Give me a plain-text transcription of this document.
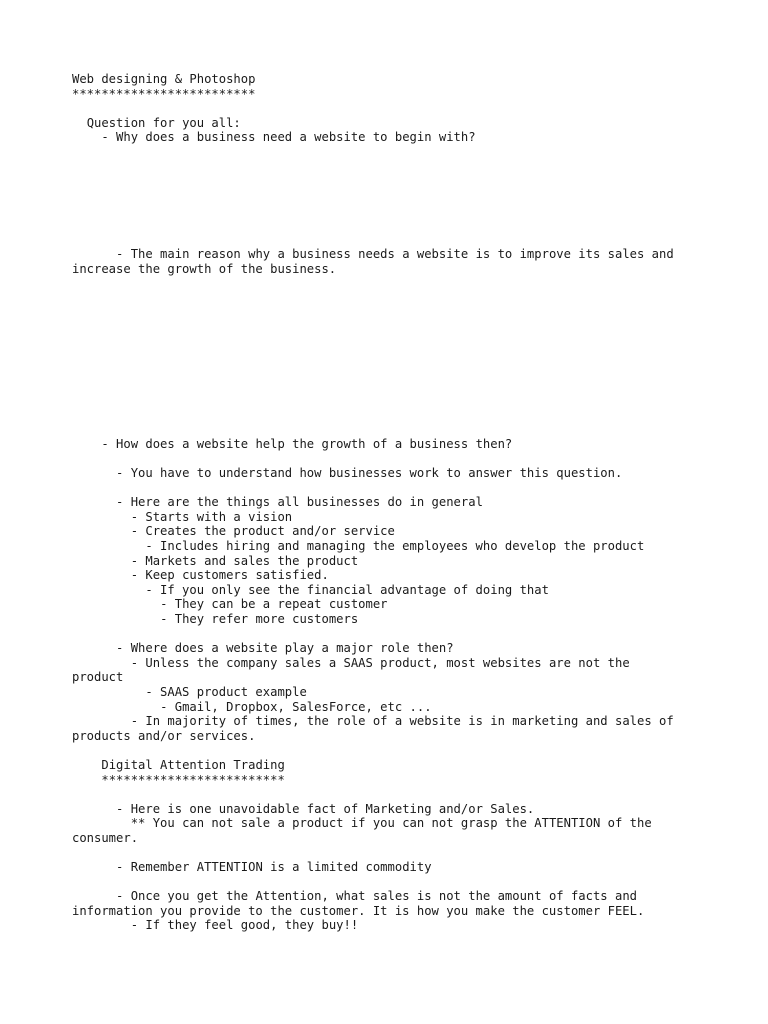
Web designing & Photoshop
*************************
Question for you all:
- Why does a business need a website to begin with?
- The main reason why a business needs a website is to improve its sales and
increase the growth of the business.
- How does a website help the growth of a business then?
- You have to understand how businesses work to answer this question.
- Here are the things all businesses do in general
- Starts with a vision
- Creates the product and/or service
- Includes hiring and managing the employees who develop the product
- Markets and sales the product
- Keep customers satisfied.
- If you only see the financial advantage of doing that
- They can be a repeat customer
- They refer more customers
- Where does a website play a major role then?
- Unless the company sales a SAAS product, most websites are not the
product
- SAAS product example
- Gmail, Dropbox, SalesForce, etc ...
- In majority of times, the role of a website is in marketing and sales of
products and/or services.
Digital Attention Trading
*************************
- Here is one unavoidable fact of Marketing and/or Sales.
** You can not sale a product if you can not grasp the ATTENTION of the
consumer.
- Remember ATTENTION is a limited commodity
- Once you get the Attention, what sales is not the amount of facts and
information you provide to the customer. It is how you make the customer FEEL.
- If they feel good, they buy!!
